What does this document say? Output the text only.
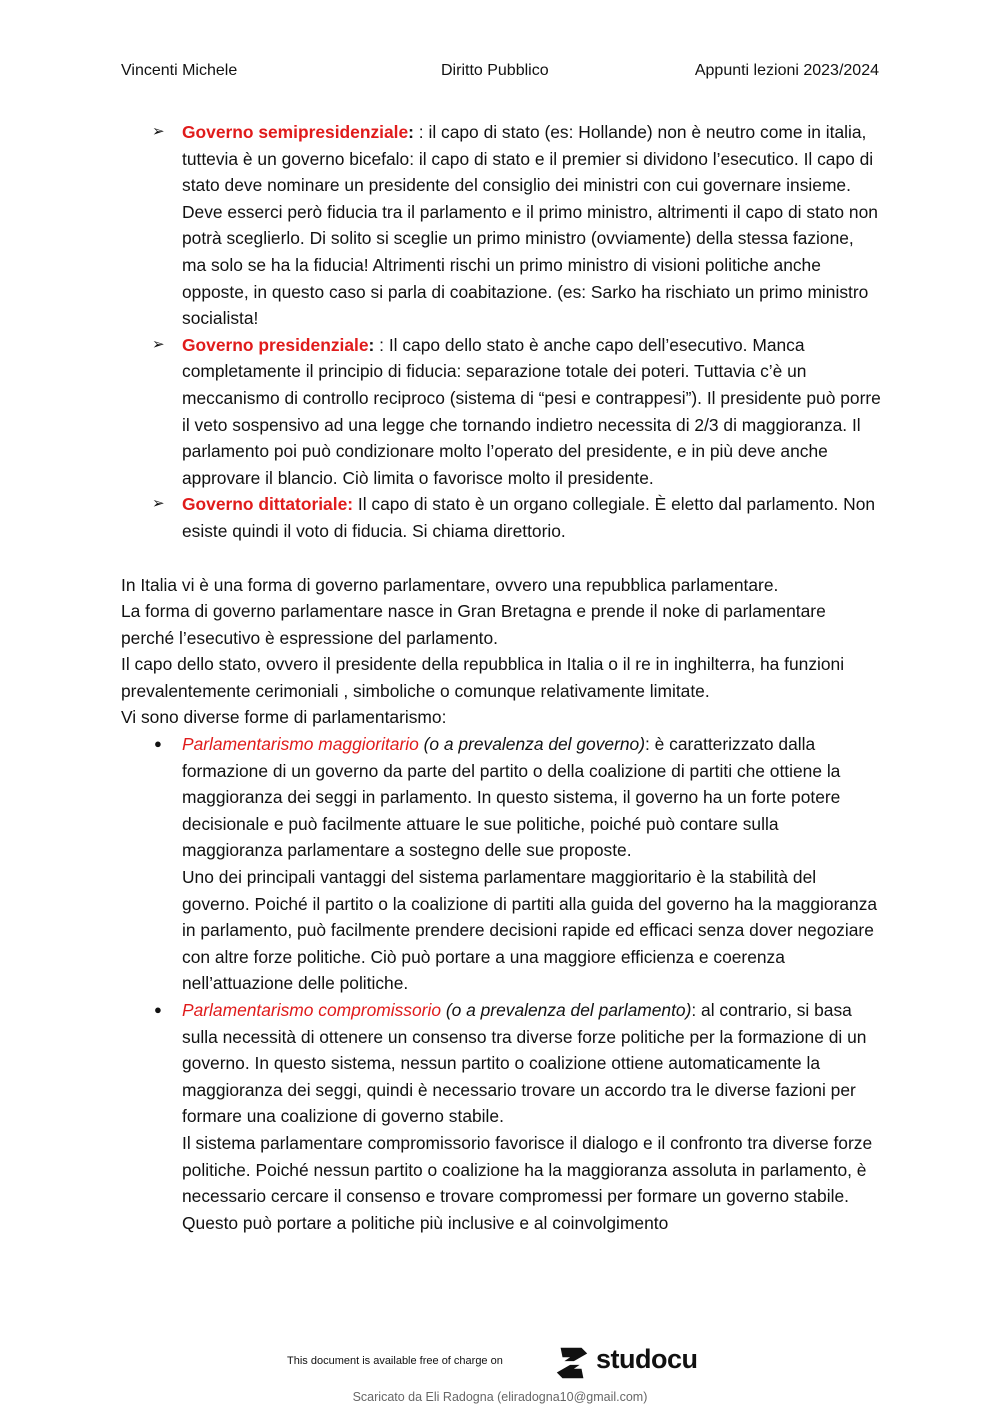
Vincenti Michele	Diritto Pubblico	Appunti lezioni 2023/2024
➢ Governo semipresidenziale: : il capo di stato (es: Hollande) non è neutro come in italia, tuttevia è un governo bicefalo: il capo di stato e il premier si dividono l’esecutico. Il capo di stato deve nominare un presidente del consiglio dei ministri con cui governare insieme. Deve esserci però fiducia tra il parlamento e il primo ministro, altrimenti il capo di stato non potrà sceglierlo. Di solito si sceglie un primo ministro (ovviamente) della stessa fazione, ma solo se ha la fiducia! Altrimenti rischi un primo ministro di visioni politiche anche opposte, in questo caso si parla di coabitazione. (es: Sarko ha rischiato un primo ministro socialista!
➢ Governo presidenziale: : Il capo dello stato è anche capo dell’esecutivo. Manca completamente il principio di fiducia: separazione totale dei poteri. Tuttavia c’è un meccanismo di controllo reciproco (sistema di “pesi e contrappesi”). Il presidente può porre il veto sospensivo ad una legge che tornando indietro necessita di 2/3 di maggioranza. Il parlamento poi può condizionare molto l’operato del presidente, e in più deve anche approvare il blancio. Ciò limita o favorisce molto il presidente.
➢ Governo dittatoriale: Il capo di stato è un organo collegiale. È eletto dal parlamento. Non esiste quindi il voto di fiducia. Si chiama direttorio.

In Italia vi è una forma di governo parlamentare, ovvero una repubblica parlamentare.

La forma di governo parlamentare nasce in Gran Bretagna e prende il noke di parlamentare perché l’esecutivo è espressione del parlamento.

Il capo dello stato, ovvero il presidente della repubblica in Italia o il re in inghilterra, ha funzioni prevalentemente cerimoniali , simboliche o comunque relativamente limitate.

Vi sono diverse forme di parlamentarismo:

● Parlamentarismo maggioritario (o a prevalenza del governo): è caratterizzato dalla formazione di un governo da parte del partito o della coalizione di partiti che ottiene la maggioranza dei seggi in parlamento. In questo sistema, il governo ha un forte potere decisionale e può facilmente attuare le sue politiche, poiché può contare sulla maggioranza parlamentare a sostegno delle sue proposte.
Uno dei principali vantaggi del sistema parlamentare maggioritario è la stabilità del governo. Poiché il partito o la coalizione di partiti alla guida del governo ha la maggioranza in parlamento, può facilmente prendere decisioni rapide ed efficaci senza dover negoziare con altre forze politiche. Ciò può portare a una maggiore efficienza e coerenza nell’attuazione delle politiche.
● Parlamentarismo compromissorio (o a prevalenza del parlamento): al contrario, si basa sulla necessità di ottenere un consenso tra diverse forze politiche per la formazione di un governo. In questo sistema, nessun partito o coalizione ottiene automaticamente la maggioranza dei seggi, quindi è necessario trovare un accordo tra le diverse fazioni per formare una coalizione di governo stabile.
Il sistema parlamentare compromissorio favorisce il dialogo e il confronto tra diverse forze politiche. Poiché nessun partito o coalizione ha la maggioranza assoluta in parlamento, è necessario cercare il consenso e trovare compromessi per formare un governo stabile. Questo può portare a politiche più inclusive e al coinvolgimento
This document is available free of charge on	studocu
Scaricato da Eli Radogna (eliradogna10@gmail.com)
